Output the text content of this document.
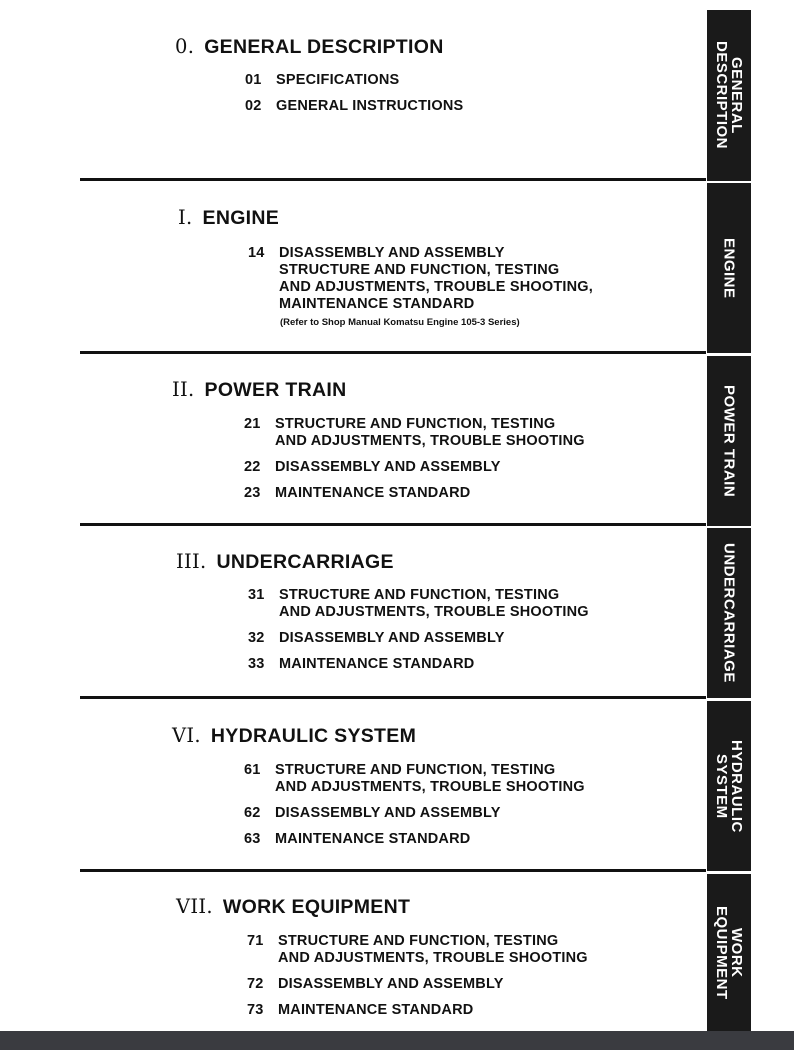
GENERAL
DESCRIPTION
0. GENERAL DESCRIPTION
01 SPECIFICATIONS
02 GENERAL INSTRUCTIONS
ENGINE
I. ENGINE
14 DISASSEMBLY AND ASSEMBLY
STRUCTURE AND FUNCTION, TESTING
AND ADJUSTMENTS, TROUBLE SHOOTING,
MAINTENANCE STANDARD
(Refer to Shop Manual Komatsu Engine 105-3 Series)
POWER TRAIN
II. POWER TRAIN
21 STRUCTURE AND FUNCTION, TESTING
AND ADJUSTMENTS, TROUBLE SHOOTING
22 DISASSEMBLY AND ASSEMBLY
23 MAINTENANCE STANDARD
UNDERCARRIAGE
III. UNDERCARRIAGE
31 STRUCTURE AND FUNCTION, TESTING
AND ADJUSTMENTS, TROUBLE SHOOTING
32 DISASSEMBLY AND ASSEMBLY
33 MAINTENANCE STANDARD
HYDRAULIC
SYSTEM
VI. HYDRAULIC SYSTEM
61 STRUCTURE AND FUNCTION, TESTING
AND ADJUSTMENTS, TROUBLE SHOOTING
62 DISASSEMBLY AND ASSEMBLY
63 MAINTENANCE STANDARD
WORK
EQUIPMENT
VII. WORK EQUIPMENT
71 STRUCTURE AND FUNCTION, TESTING
AND ADJUSTMENTS, TROUBLE SHOOTING
72 DISASSEMBLY AND ASSEMBLY
73 MAINTENANCE STANDARD
